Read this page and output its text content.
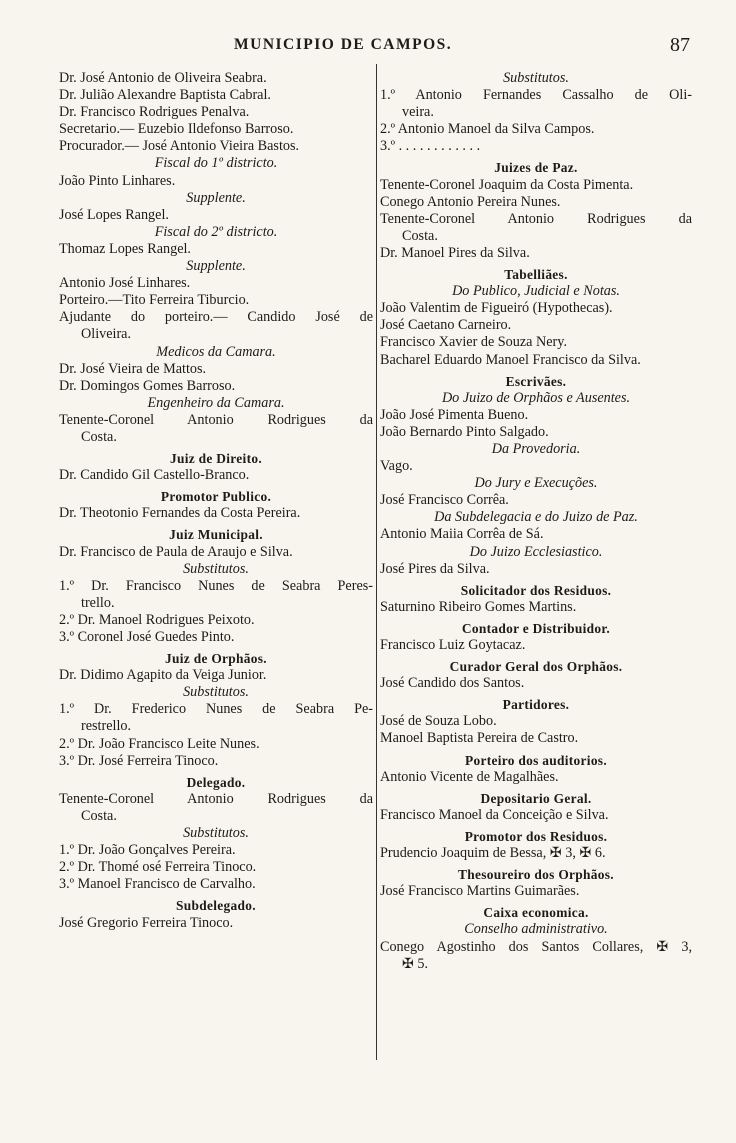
MUNICIPIO DE CAMPOS.	87
Dr. José Antonio de Oliveira Seabra.
Dr. Julião Alexandre Baptista Cabral.
Dr. Francisco Rodrigues Penalva.
Secretario.— Euzebio Ildefonso Barroso.
Procurador.— José Antonio Vieira Bastos.
Fiscal do 1º districto.
João Pinto Linhares.
Supplente.
José Lopes Rangel.
Fiscal do 2º districto.
Thomaz Lopes Rangel.
Supplente.
Antonio José Linhares.
Porteiro.—Tito Ferreira Tiburcio.
Ajudante do porteiro.— Candido José de
Oliveira.
Medicos da Camara.
Dr. José Vieira de Mattos.
Dr. Domingos Gomes Barroso.
Engenheiro da Camara.
Tenente-Coronel Antonio Rodrigues da
Costa.
Juiz de Direito.
Dr. Candido Gil Castello-Branco.
Promotor Publico.
Dr. Theotonio Fernandes da Costa Pereira.
Juiz Municipal.
Dr. Francisco de Paula de Araujo e Silva.
Substitutos.
1.º Dr. Francisco Nunes de Seabra Peres-
trello.
2.º Dr. Manoel Rodrigues Peixoto.
3.º Coronel José Guedes Pinto.
Juiz de Orphãos.
Dr. Didimo Agapito da Veiga Junior.
Substitutos.
1.º Dr. Frederico Nunes de Seabra Pe-
restrello.
2.º Dr. João Francisco Leite Nunes.
3.º Dr. José Ferreira Tinoco.
Delegado.
Tenente-Coronel Antonio Rodrigues da
Costa.
Substitutos.
1.º Dr. João Gonçalves Pereira.
2.º Dr. Thomé osé Ferreira Tinoco.
3.º Manoel Francisco de Carvalho.
Subdelegado.
José Gregorio Ferreira Tinoco.
Substitutos.
1.º Antonio Fernandes Cassalho de Oli-
veira.
2.º Antonio Manoel da Silva Campos.
3.º . . . . . . . . . . . .
Juizes de Paz.
Tenente-Coronel Joaquim da Costa Pimenta.
Conego Antonio Pereira Nunes.
Tenente-Coronel Antonio Rodrigues da
Costa.
Dr. Manoel Pires da Silva.
Tabelliães.
Do Publico, Judicial e Notas.
João Valentim de Figueiró (Hypothecas).
José Caetano Carneiro.
Francisco Xavier de Souza Nery.
Bacharel Eduardo Manoel Francisco da Silva.
Escrivães.
Do Juizo de Orphãos e Ausentes.
João José Pimenta Bueno.
João Bernardo Pinto Salgado.
Da Provedoria.
Vago.
Do Jury e Execuções.
José Francisco Corrêa.
Da Subdelegacia e do Juizo de Paz.
Antonio Maiia Corrêa de Sá.
Do Juizo Ecclesiastico.
José Pires da Silva.
Solicitador dos Residuos.
Saturnino Ribeiro Gomes Martins.
Contador e Distribuidor.
Francisco Luiz Goytacaz.
Curador Geral dos Orphãos.
José Candido dos Santos.
Partidores.
José de Souza Lobo.
Manoel Baptista Pereira de Castro.
Porteiro dos auditorios.
Antonio Vicente de Magalhães.
Depositario Geral.
Francisco Manoel da Conceição e Silva.
Promotor dos Residuos.
Prudencio Joaquim de Bessa, ✠ 3, ✠ 6.
Thesoureiro dos Orphãos.
José Francisco Martins Guimarães.
Caixa economica.
Conselho administrativo.
Conego Agostinho dos Santos Collares, ✠ 3,
✠ 5.
